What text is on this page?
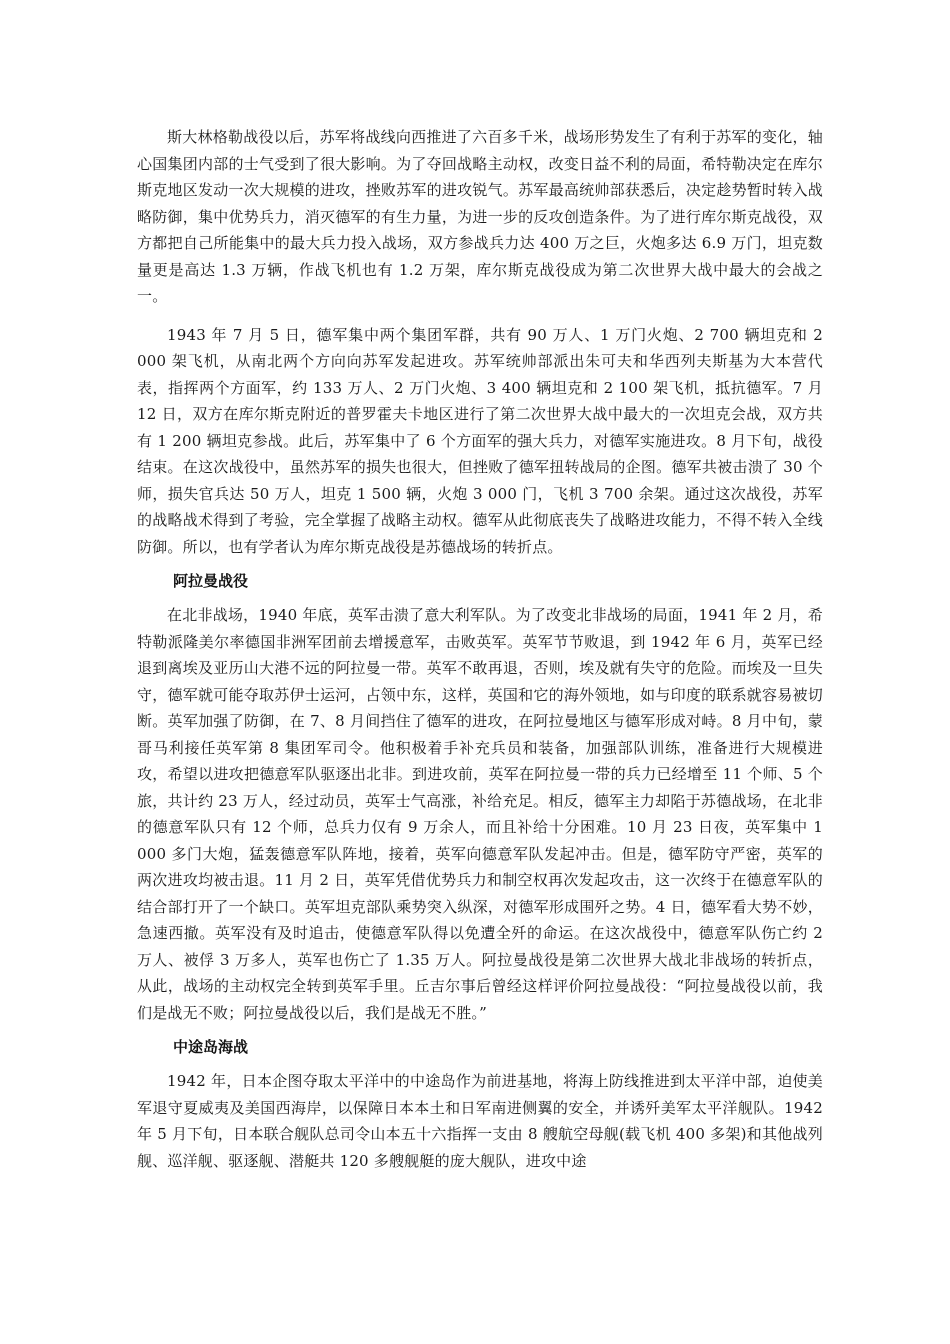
斯大林格勒战役以后，苏军将战线向西推进了六百多千米，战场形势发生了有利于苏军的变化，轴心国集团内部的士气受到了很大影响。为了夺回战略主动权，改变日益不利的局面，希特勒决定在库尔斯克地区发动一次大规模的进攻，挫败苏军的进攻锐气。苏军最高统帅部获悉后，决定趁势暂时转入战略防御，集中优势兵力，消灭德军的有生力量，为进一步的反攻创造条件。为了进行库尔斯克战役，双方都把自己所能集中的最大兵力投入战场，双方参战兵力达 400 万之巨，火炮多达 6.9 万门，坦克数量更是高达 1.3 万辆，作战飞机也有 1.2 万架，库尔斯克战役成为第二次世界大战中最大的会战之一。

1943 年 7 月 5 日，德军集中两个集团军群，共有 90 万人、1 万门火炮、2 700 辆坦克和 2 000 架飞机，从南北两个方向向苏军发起进攻。苏军统帅部派出朱可夫和华西列夫斯基为大本营代表，指挥两个方面军，约 133 万人、2 万门火炮、3 400 辆坦克和 2 100 架飞机，抵抗德军。7 月 12 日，双方在库尔斯克附近的普罗霍夫卡地区进行了第二次世界大战中最大的一次坦克会战，双方共有 1 200 辆坦克参战。此后，苏军集中了 6 个方面军的强大兵力，对德军实施进攻。8 月下旬，战役结束。在这次战役中，虽然苏军的损失也很大，但挫败了德军扭转战局的企图。德军共被击溃了 30 个师，损失官兵达 50 万人，坦克 1 500 辆，火炮 3 000 门，飞机 3 700 余架。通过这次战役，苏军的战略战术得到了考验，完全掌握了战略主动权。德军从此彻底丧失了战略进攻能力，不得不转入全线防御。所以，也有学者认为库尔斯克战役是苏德战场的转折点。

阿拉曼战役

在北非战场，1940 年底，英军击溃了意大利军队。为了改变北非战场的局面，1941 年 2 月，希特勒派隆美尔率德国非洲军团前去增援意军，击败英军。英军节节败退，到 1942 年 6 月，英军已经退到离埃及亚历山大港不远的阿拉曼一带。英军不敢再退，否则，埃及就有失守的危险。而埃及一旦失守，德军就可能夺取苏伊士运河，占领中东，这样，英国和它的海外领地，如与印度的联系就容易被切断。英军加强了防御，在 7、8 月间挡住了德军的进攻，在阿拉曼地区与德军形成对峙。8 月中旬，蒙哥马利接任英军第 8 集团军司令。他积极着手补充兵员和装备，加强部队训练，准备进行大规模进攻，希望以进攻把德意军队驱逐出北非。到进攻前，英军在阿拉曼一带的兵力已经增至 11 个师、5 个旅，共计约 23 万人，经过动员，英军士气高涨，补给充足。相反，德军主力却陷于苏德战场，在北非的德意军队只有 12 个师，总兵力仅有 9 万余人，而且补给十分困难。10 月 23 日夜，英军集中 1 000 多门大炮，猛轰德意军队阵地，接着，英军向德意军队发起冲击。但是，德军防守严密，英军的两次进攻均被击退。11 月 2 日，英军凭借优势兵力和制空权再次发起攻击，这一次终于在德意军队的结合部打开了一个缺口。英军坦克部队乘势突入纵深，对德军形成围歼之势。4 日，德军看大势不妙，急速西撤。英军没有及时追击，使德意军队得以免遭全歼的命运。在这次战役中，德意军队伤亡约 2 万人、被俘 3 万多人，英军也伤亡了 1.35 万人。阿拉曼战役是第二次世界大战北非战场的转折点，从此，战场的主动权完全转到英军手里。丘吉尔事后曾经这样评价阿拉曼战役：“阿拉曼战役以前，我们是战无不败；阿拉曼战役以后，我们是战无不胜。”

中途岛海战

1942 年，日本企图夺取太平洋中的中途岛作为前进基地，将海上防线推进到太平洋中部，迫使美军退守夏威夷及美国西海岸，以保障日本本土和日军南进侧翼的安全，并诱歼美军太平洋舰队。1942 年 5 月下旬，日本联合舰队总司令山本五十六指挥一支由 8 艘航空母舰(载飞机 400 多架)和其他战列舰、巡洋舰、驱逐舰、潜艇共 120 多艘舰艇的庞大舰队，进攻中途
